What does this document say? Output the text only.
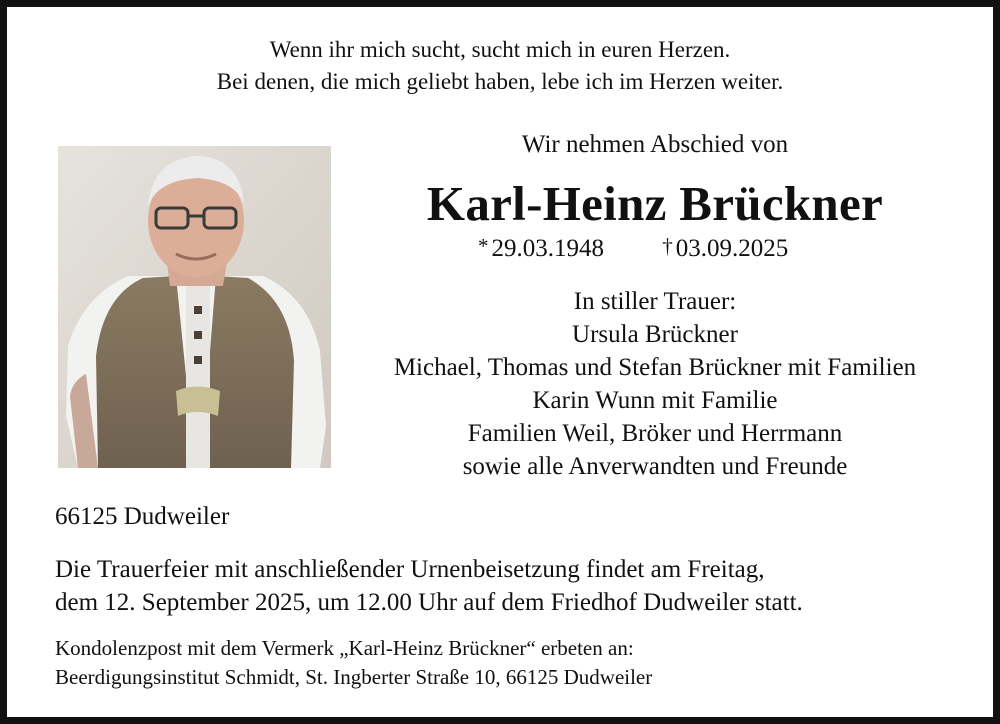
Wenn ihr mich sucht, sucht mich in euren Herzen.
Bei denen, die mich geliebt haben, lebe ich im Herzen weiter.
Wir nehmen Abschied von
Karl-Heinz Brückner
* 29.03.1948	† 03.09.2025
In stiller Trauer:
Ursula Brückner
Michael, Thomas und Stefan Brückner mit Familien
Karin Wunn mit Familie
Familien Weil, Bröker und Herrmann
sowie alle Anverwandten und Freunde
66125 Dudweiler
Die Trauerfeier mit anschließender Urnenbeisetzung findet am Freitag,
dem 12. September 2025, um 12.00 Uhr auf dem Friedhof Dudweiler statt.
Kondolenzpost mit dem Vermerk „Karl-Heinz Brückner“ erbeten an:
Beerdigungsinstitut Schmidt, St. Ingberter Straße 10, 66125 Dudweiler
